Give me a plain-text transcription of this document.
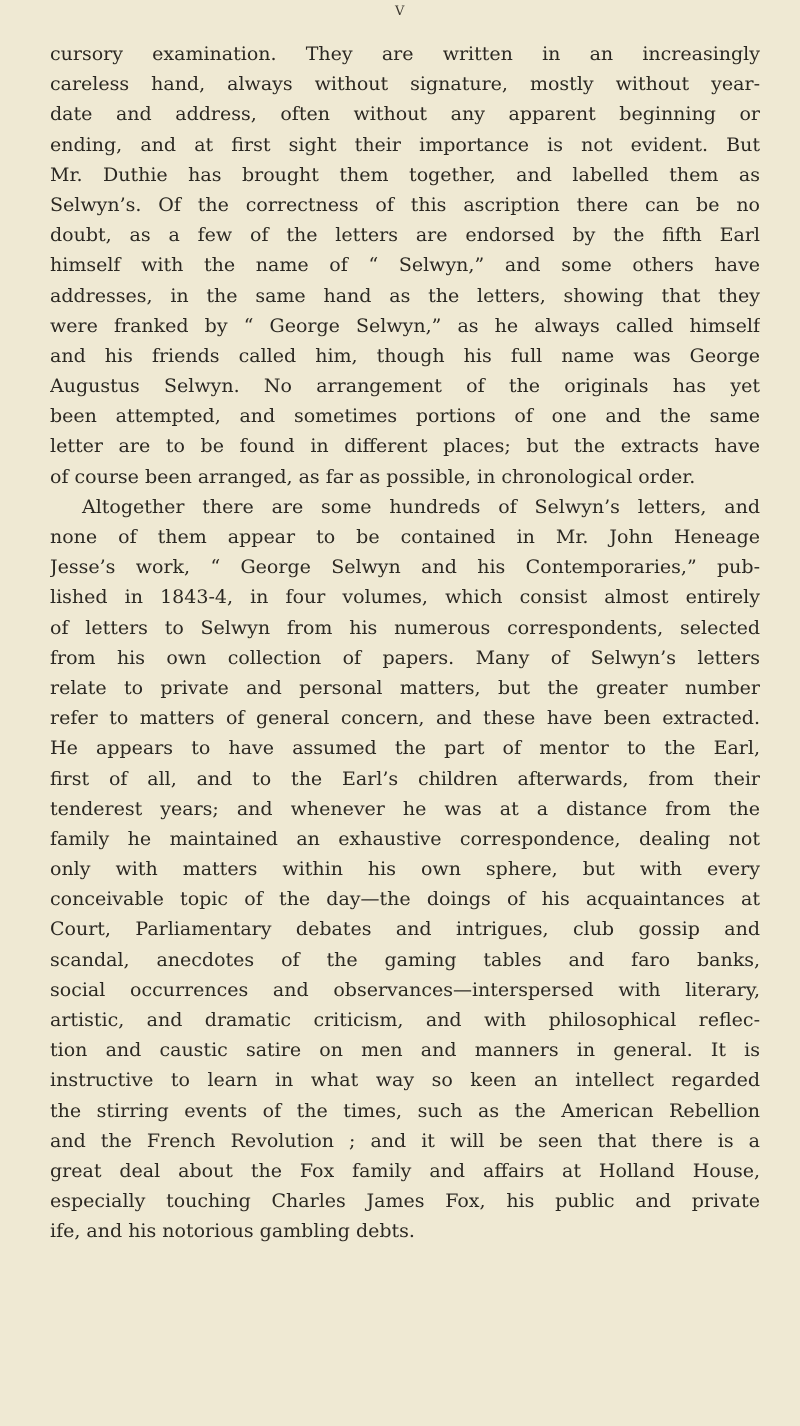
V
cursory examination. They are written in an increasingly
careless hand, always without signature, mostly without year-
date and address, often without any apparent beginning or
ending, and at first sight their importance is not evident. But
Mr. Duthie has brought them together, and labelled them as
Selwyn’s. Of the correctness of this ascription there can be no
doubt, as a few of the letters are endorsed by the fifth Earl
himself with the name of “ Selwyn,” and some others have
addresses, in the same hand as the letters, showing that they
were franked by “ George Selwyn,” as he always called himself
and his friends called him, though his full name was George
Augustus Selwyn. No arrangement of the originals has yet
been attempted, and sometimes portions of one and the same
letter are to be found in different places; but the extracts have
of course been arranged, as far as possible, in chronological order.
Altogether there are some hundreds of Selwyn’s letters, and
none of them appear to be contained in Mr. John Heneage
Jesse’s work, “ George Selwyn and his Contemporaries,” pub-
lished in 1843-4, in four volumes, which consist almost entirely
of letters to Selwyn from his numerous correspondents, selected
from his own collection of papers. Many of Selwyn’s letters
relate to private and personal matters, but the greater number
refer to matters of general concern, and these have been extracted.
He appears to have assumed the part of mentor to the Earl,
first of all, and to the Earl’s children afterwards, from their
tenderest years; and whenever he was at a distance from the
family he maintained an exhaustive correspondence, dealing not
only with matters within his own sphere, but with every
conceivable topic of the day—the doings of his acquaintances at
Court, Parliamentary debates and intrigues, club gossip and
scandal, anecdotes of the gaming tables and faro banks,
social occurrences and observances—interspersed with literary,
artistic, and dramatic criticism, and with philosophical reflec-
tion and caustic satire on men and manners in general. It is
instructive to learn in what way so keen an intellect regarded
the stirring events of the times, such as the American Rebellion
and the French Revolution ; and it will be seen that there is a
great deal about the Fox family and affairs at Holland House,
especially touching Charles James Fox, his public and private
ife, and his notorious gambling debts.
